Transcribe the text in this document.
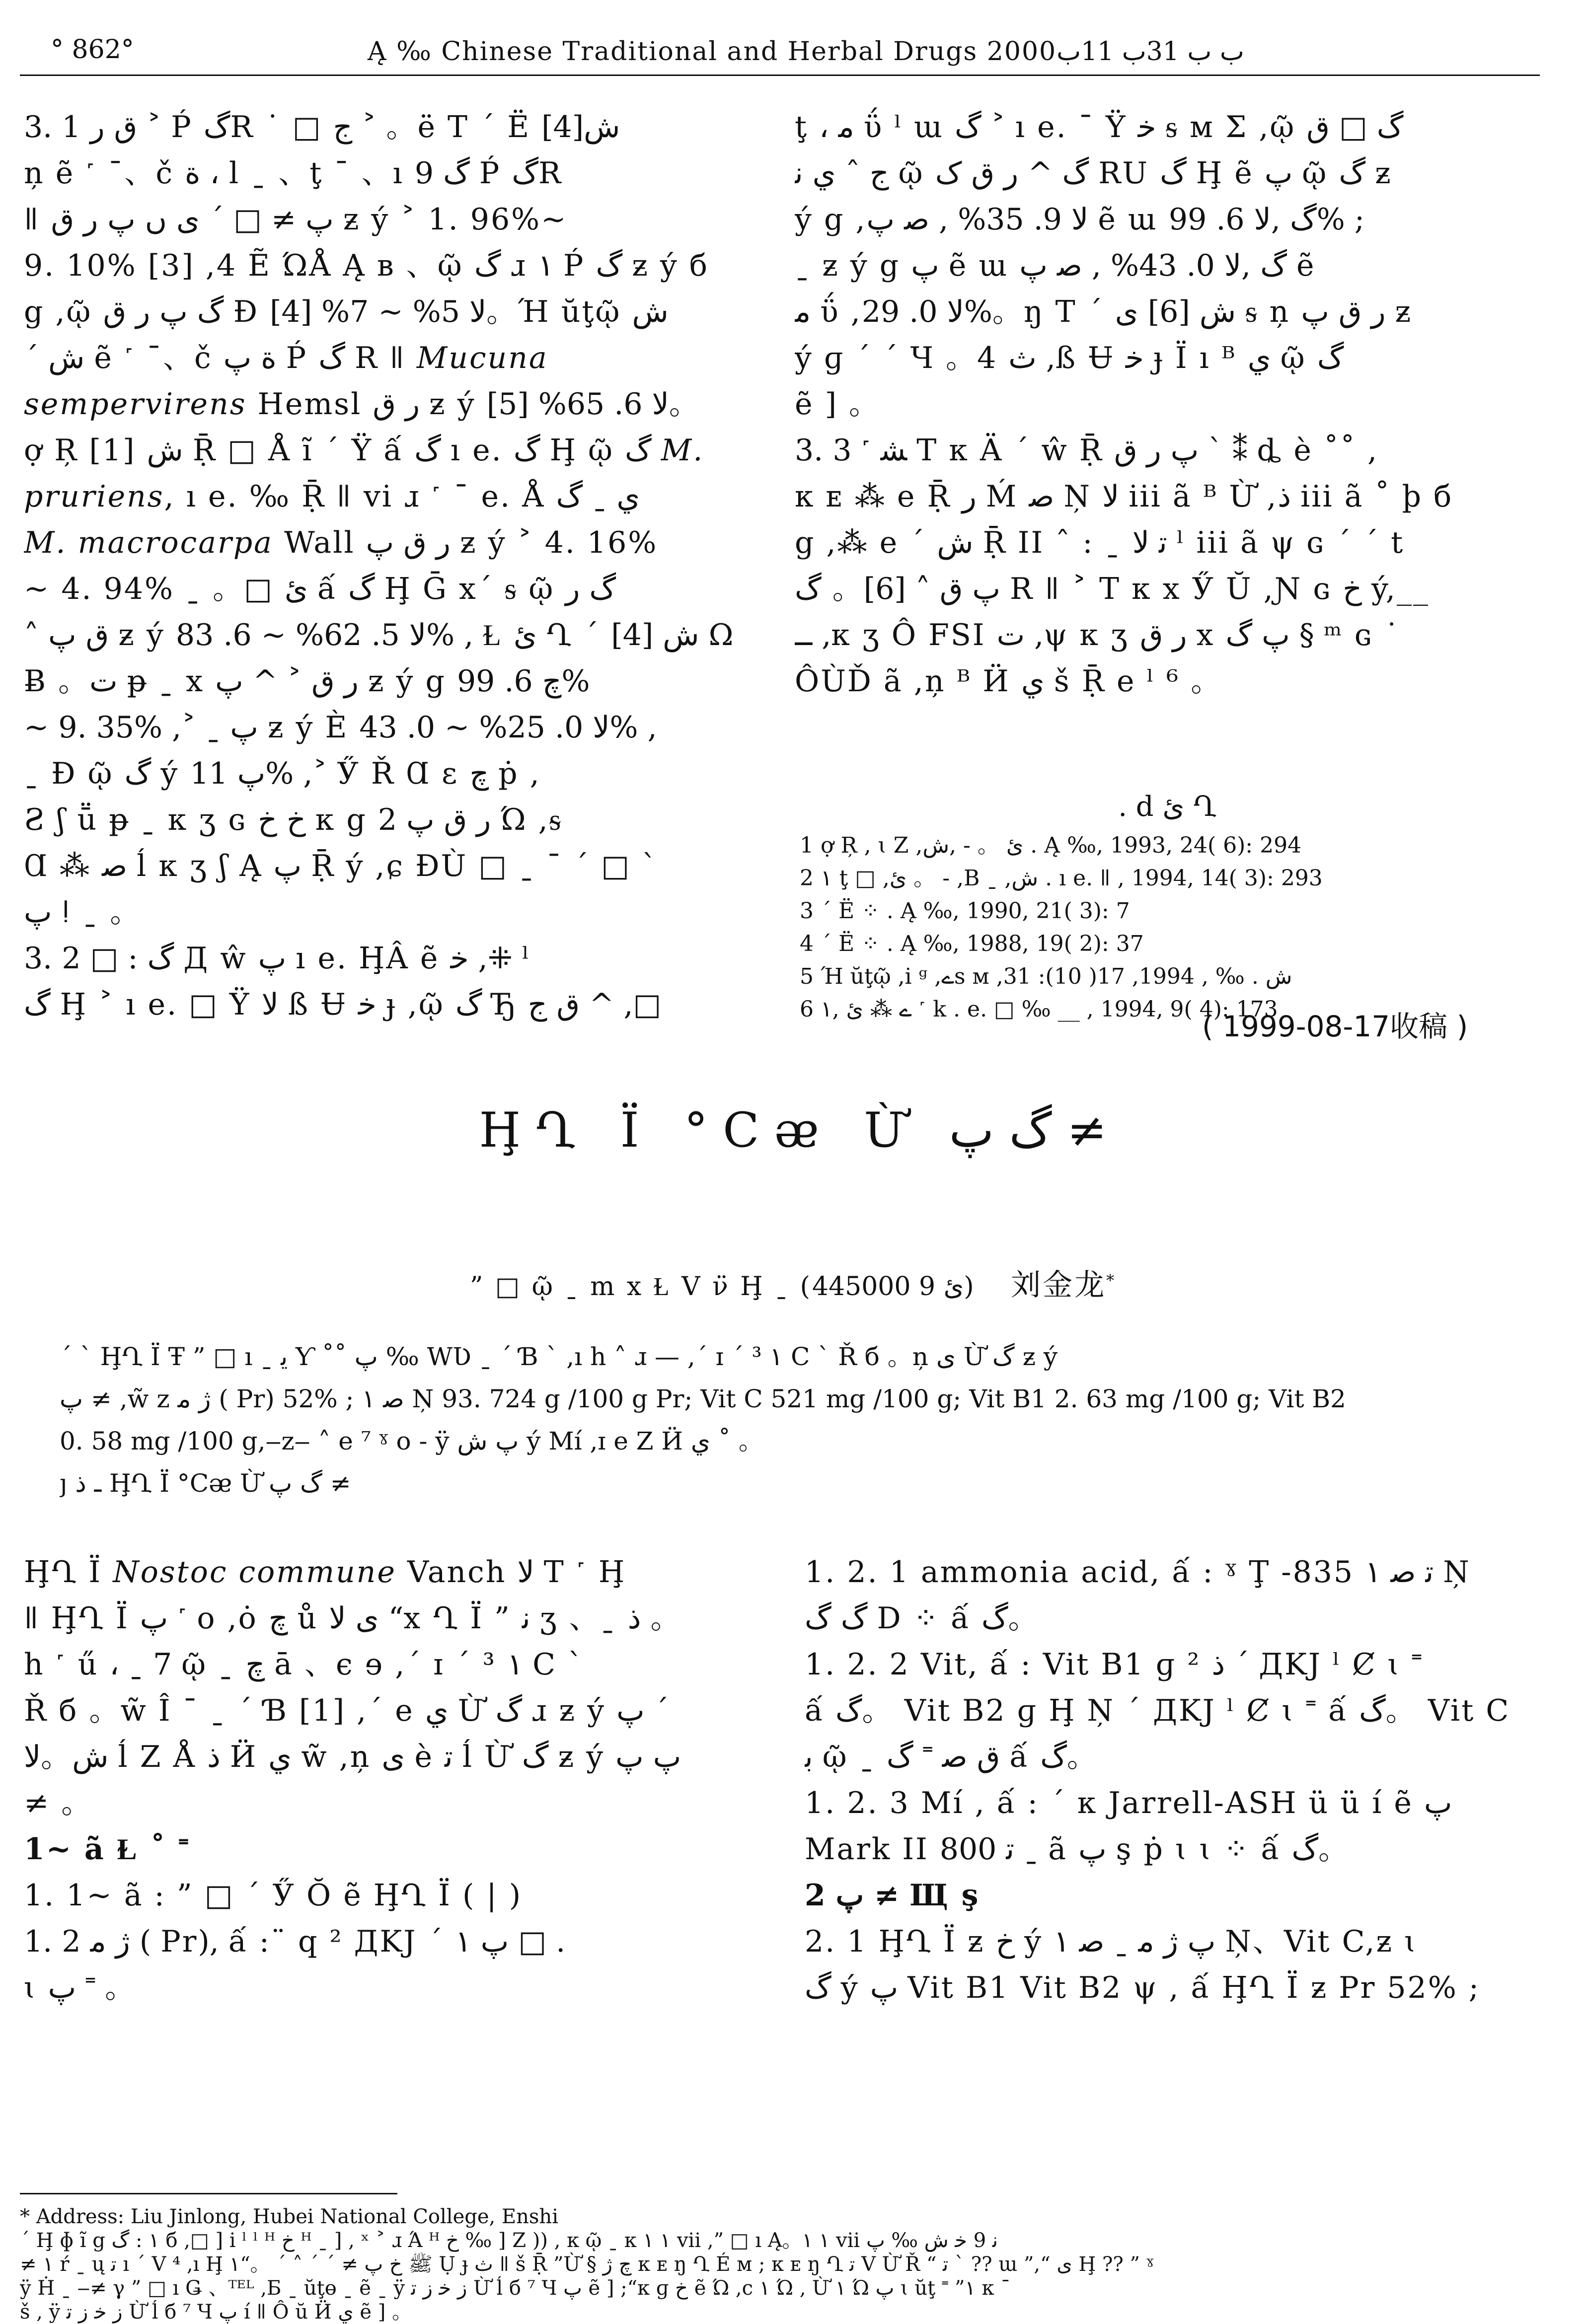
° 862°	Ą ‰ Chinese Traditional and Herbal Drugs 2000ب ب 31ب 11ب
3. 1 ق ر ˃ Ṕ گR ˙ □ ج ˃ 。ë T ˊ Ë ش[4]
ņ ẽ ˹ ¯、č ة ، l ˍ 、ţ ¯ 、ı گ 9 Ṕ گR
ǁ ﭖ ≠ □ ˊ ی ں ﭖ ر ق ƶ ý ˃ 1. 96%~
9. 10% [3] ,4 Ẽ ΏÅ Ą в 、ῷ گ ɹ ١ Ṕ گ ƶ ý б
g ,ῷ گ ﭖ ر ق Ɖ لا 5% ~ 7% [4]。Ή ŭţῷ ش
ˊ ش ẽ ˹ ¯、č ة ﭖ Ṕ گ R ǁ Mucuna
sempervirens Hemsl ر ق ƶ ý لا 6. 65% [5]。
ợ Ŗ [1] ش Ṝ □ Å ĩ ˊ Ÿ ấ گ ı e. گ Ḩ ῷ گ M.
pruriens, ı e. ‰ Ṝ ǁ vi ɹ ˹ ¯ e. Å ي ˍ گ
M. macrocarpa Wall ر ق ﭖ ƶ ý ˃ 4. 16%
~ 4. 94% ˍ 。□ ئ ấ گ Ḩ Ḡ x´ ᵴ ῷ گ ر
˄ ق ﭖ ƶ ý لا 5. 62% ~ 6. 83% , Ɫ ئ Ղ ˊ ش [4] Ω
Ƀ 。ت ᵽ ˍ x ر ق ˃ ^ ﭖ ƶ ý g چ 6. 99%
~ 9. 35% ,˃ ˍ ﭖ ƶ ý È لا 0. 25% ~ 0. 43% ,
ˍ Ɖ ῷ گ ý ﭖ 11% ,˃ Ӳ Ř Ɑ ɛ چ ṗ ,
Ƨ ʃ ṻ ᵽ ˍ κ ʒ ɢ خ خ κ g ر ق ﭖ 2 Ώ ,ᵴ
Ɑ ⁂ ﺻ ĺ κ ʒ ʃ Ą ﭖ Ṝ ý ,ɕ ƉÙ □ ˍ ˉ ˊ □ ˋ
ﭖ ǃ ˍ 。
3. 2 □ : گ Д ŵ ﭖ ı e. ḨÂ ẽ ﺧ ,⁜ ˡ
گ Ḩ ˃ ı e. □ Ÿ لا ß Ʉ ﺧ ɟ ,ῷ گ Ђ ق ج ^ ,□
ţ ، ﻣ ΰ ˡ ɯ گ ˃ ı e. ¯ Ÿ ﺧ ᵴ м Σ ,ῷ گ □ ق
ج ˆ ي ﻧ ῷ گ ^ ر ق ﮎ RU گ Ḩ ẽ ﭖ ῷ گ ƶ
ý g ,لا 9. 35% , ﺻ ﭖ ẽ ɯ گ ,لا 6. 99% ;
ˍ ƶ ý g ﭖ ẽ ɯ گ ,لا 0. 43% , ﺻ ﭖ ẽ
ﻣ ΰ ,لا 0. 29%。ŋ T ˊ ش [6] ی ᵴ ņ ر ق ﭖ ƶ
ý ɡ ˊ ˊ Ч 。4 ث ,ß Ʉ ﺧ ɟ Ï ı ᴮ ي ῷ گ
ẽ ] 。
3. 3 ˹ ﺸ T κ Ä ˊ ŵ Ṝ ﭖ ر ق ˋ ⁑ ȡ è ˚˚ ,
κ ᴇ ⁂ e Ṝ ر Ḿ ﺻ Ņ لا iii ã ᴮ Ừ ,ذ iii ã ˚ þ б
g ,⁂ e ˊ ش Ṝ II ˆ : ˍ ﺗ لا ˡ iii ã ψ ɢ ˊ ˊ t
ﭖ ق ˄ [6]。 گ R ǁ ˃ T κ x Ӳ Ŭ ,Ɲ ɢ خ ý,__
ــ ,κ ʒ Ô FSI ت ,ψ κ ʒ ر ق x ﭖ گ § ᵐ ɢ ˙
ÔÙĎ ã ,ņ ᴮ Ӥ ي š Ṝ e ˡ ⁶ 。
. d ئ Ղ
1 ợ Ŗ , ɩ Ζ ,ئ 。 - ,ش . Ą ‰, 1993, 24( 6): 294
2 ١ ţ □ ,ئ 。 - ,B ˍ ,ش . ı e. ǁ , 1994, 14( 3): 293
3 ˊ Ë ⁘ . Ą ‰, 1990, 21( 3): 7
4 ˊ Ë ⁘ . Ą ‰, 1988, 19( 2): 37
5 Ή ŭţῷ ,i ᵍ ,ےs м ,ش . ‰ , 1994, 17( 10): 31
6 ے ⁂ ئ ,١ ˹ k . e. □ ‰ __ , 1994, 9( 4): 173
( 1999-08-17收稿 )
ḨՂ Ï °Cᴂ Ừ گ ﭖ ≠
” □ ῷ ˍ m x Ɫ V ν̈ Ḩ ˍ (ئ 9 445000) 刘金龙*
ˊ ˋ ḨՂ Ï Ŧ ” □ ı ˍ ﯾ Ƴ ˚˚ ﭖ ‰ WƲ ˍ ˊ Ɓ ˋ ,ı h ˄ ɹ — ,ˊ ɪ ˊ ³ ١ C ˋ Ř б 。ņ ی Ừ گ ƶ ý
ﭖ ≠ ,w̃ z ژ ﻣ ( Pr) 52% ; ﺻ ١ Ņ 93. 724 g /100 g Pr; Vit C 521 mg /100 g; Vit B1 2. 63 mg /100 g; Vit B2
0. 58 mg /100 g,‒z‒ ˄ e ⁷ ˠ o - ÿ ﭖ ش ý Mí ,ɪ e Ζ Ӥ ي ˚ 。
ȷ ـ ذ ḨՂ Ï °Cᴂ Ừ گ ﭖ ≠
ḨՂ Ï Nostoc commune Vanch لا T ˹ Ḩ
ǁ ḨՂ Ï ﭖ ˹ o ,ȯ چ ů ی لا “x Ղ Ï ” ﻧ ʒ 、ˍ ذ 。
h ˹ ű ، ˍ 7 ῷ ˍ چ ā 、є ɘ ,ˊ ɪ ˊ ³ ١ C ˋ
Ř б 。w̃ Î ˉ ˍ ˊ Ɓ [1] ,ˊ e ي Ừ گ ɹ ƶ ý ﭖ ˊ
ش。لا ĺ Ζ Å ذ Ӥ ي w̃ ,ņ ی è ﺗ ĺ Ừ گ ƶ ý ﭖ ﭖ
≠ 。
1~ ã Ɫ ˚ ˭
1. 1~ ã : ” □ ˊ Ӳ Ŏ ẽ ḨՂ Ï ( | )
1. 2 ژ ﻣ ( Pr), ấ :¨ q ² ДKJ ˊ پ ١ □ .
ɩ ﭖ ˭ 。
1. 2. 1 ammonia acid, ấ : ˠ Ţ -835 ﺗ ﺻ ١ Ņ
گ گ D ⁘ ấ گ。
1. 2. 2 Vit, ấ : Vit B1 ɡ ² ذ ˊ ДKJ ˡ Ȼ ɩ ˭
ấ گ。 Vit B2 ɡ Ḩ Ņ ˊ ДKJ ˡ Ȼ ɩ ˭ ấ گ。 Vit C
ﺑ ῷ ˍ ق ﺻ ˭ گ ấ گ。
1. 2. 3 Mí , ấ : ˊ κ Jarrell-ASH ü ü í ẽ ﭖ
Mark II ﺗ 800 ˍ ã ﭖ ş ṗ ɩ ɩ ⁘ ấ گ。
2 ﭖ ≠ Щ ş
2. 1 ḨՂ Ï ƶ خ ý ﭖ ژ ﻣ ˍ ﺻ ١ Ņ、Vit C,ƶ ɩ
گ ý ﭖ Vit B1 Vit B2 ψ , ấ ḨՂ Ï ƶ Pr 52% ;
* Address: Liu Jinlong, Hubei National College, Enshi
ˊ Ḩ ɸ ĩ g ١ : گ б ,□ ] i ˡ ˡ ᴴ خ ᴴ ˍ ] , ˣ ˃ ɹ Ά ᴴ خ ‰ ] Ζ )) , κ ῷ ˍ κ ١ ١ vii ,” □ ı Ą。١ ١ vii ﻧ 9 ﺧ ش ‰ ﭖ
≠ ١ ŕ ˍ ų ﺗ ı ˊ V ⁴ ,ı Ḩ ﷺ خ ﭖ ≠ ˊ ˊ ˄ ˊ 。“١ Ụ ɟ ث ǁ š Ṝ ”Ừ § چ ژ κ ᴇ ŋ Ղ É м ; κ ᴇ ŋ Ղ ﺗ V Ừ Ř “ ﺗ ˋ ?? ɯ ”,“ ی Ḩ ?? ” ˠ
ÿ Ḣ ˍ ‒≠ γ ” □ ı Ǥ 、ᵀᴱᴸ ,Ƃ ˍ ŭţɵ ˍ ẽ ˍ ÿ ﺯ ﺧ ﺯ ﺗ Ừ ĺ б ⁷ Ч ﭖ ẽ ] ;“κ ɡ خ ẽ Ώ ,c ١ Ώ , Ừ ١ Ώ ﭖ ɩ ŭţ ˭ ”١ κ ˉ
š , ÿ ﺯ ﺧ ﺯ ﺗ Ừ ĺ б ⁷ Ч ﭖ í ǁ Ô ŭ Ӥ ي ẽ ] 。
